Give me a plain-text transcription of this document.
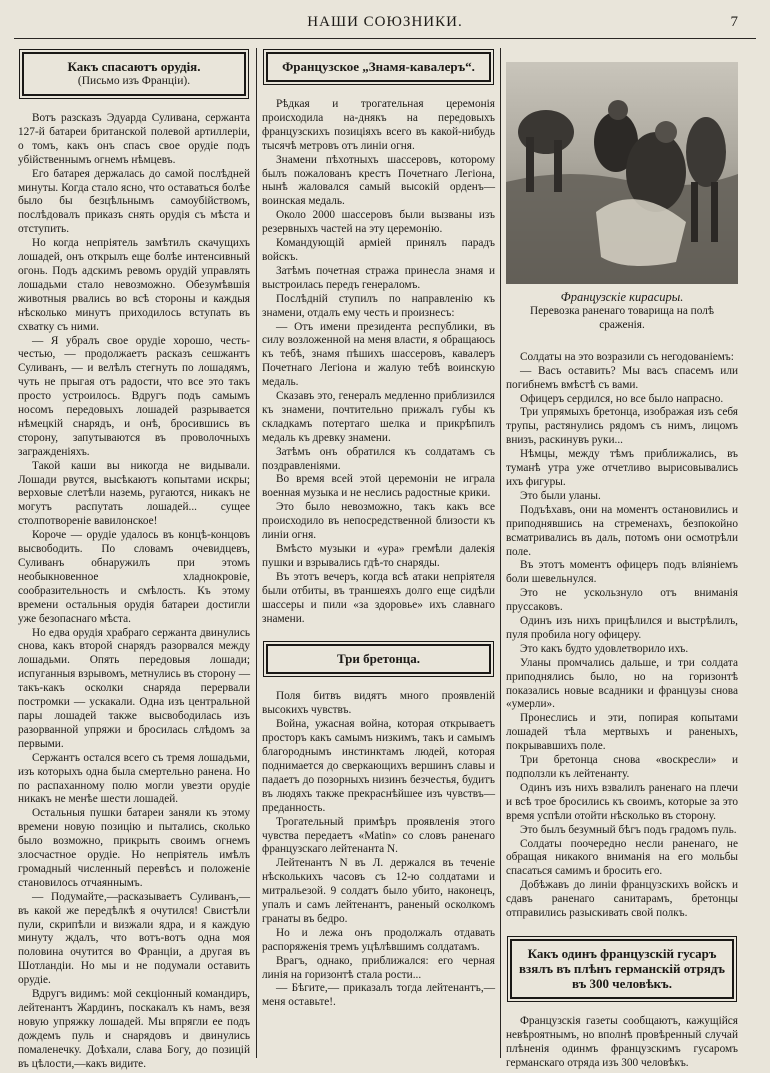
НАШИ СОЮЗНИКИ.	7
Какъ спасаютъ орудія.
(Письмо изъ Франціи).

Вотъ разсказъ Эдуарда Суливана, сержанта 127-й батареи британской полевой артиллеріи, о томъ, какъ онъ спасъ свое орудіе подъ убійственнымъ огнемъ нѣмцевъ.

Его батарея держалась до самой послѣдней минуты. Когда стало ясно, что оставаться болѣе было бы безцѣльнымъ самоубійствомъ, послѣдовалъ приказъ снять орудія съ мѣста и отступить.

Но когда непріятель замѣтилъ скачущихъ лошадей, онъ открылъ еще болѣе интенсивный огонь. Подъ адскимъ ревомъ орудій управлять лошадьми стало невозможно. Обезумѣвшія животныя рвались во всѣ стороны и каждыя нѣсколько минутъ приходилось вступать въ схватку съ ними.

— Я убралъ свое орудіе хорошо, честь-честью, — продолжаетъ расказъ сешжантъ Суливанъ, — и велѣлъ стегнуть по лошадямъ, чуть не прыгая отъ радости, что все это такъ просто устроилось. Вдругъ подъ самымъ носомъ передовыхъ лошадей разрывается нѣмецкій снарядъ, и онѣ, бросившись въ сторону, запутываются въ проволочныхъ загражденіяхъ.

Такой каши вы никогда не видывали. Лошади рвутся, высѣкаютъ копытами искры; верховые слетѣли наземь, ругаются, никакъ не могутъ распутать лошадей... сущее столпотвореніе вавилонское!

Короче — орудіе удалось въ концѣ-концовъ высвободить. По словамъ очевидцевъ, Суливанъ обнаружилъ при этомъ необыкновенное хладнокровіе, сообразительность и смѣлость. Къ этому времени остальныя орудія батареи достигли уже безопаснаго мѣста.

Но едва орудія храбраго сержанта двинулись снова, какъ второй снарядъ разорвался между лошадьми. Опять передовыя лошади; испуганныя взрывомъ, метнулись въ сторону — такъ-какъ осколки снаряда перервали постромки — ускакали. Одна изъ центральной пары лошадей также высвободилась изъ разорванной упряжи и бросилась слѣдомъ за первыми.

Сержантъ остался всего съ тремя лошадьми, изъ которыхъ одна была смертельно ранена. Но по распаханному полю могли увезти орудіе никакъ не менѣе шести лошадей.

Остальныя пушки батареи заняли къ этому времени новую позицію и пытались, сколько было возможно, прикрыть своимъ огнемъ злосчастное орудіе. Но непріятель имѣлъ громадный численный перевѣсъ и положеніе становилось отчаяннымъ.

— Подумайте,—расказываетъ Суливанъ,—въ какой же передѣлкѣ я очутился! Свистѣли пули, скрипѣли и визжали ядра, и я каждую минуту ждалъ, что вотъ-вотъ одна моя половина очутится во Франціи, а другая въ Шотландіи. Но мы и не подумали оставить орудіе.

Вдругъ видимъ: мой секціонный командиръ, лейтенантъ Жардинъ, поскакалъ къ намъ, везя новую упряжку лошадей. Мы впрягли ее подъ дождемъ пуль и снарядовъ и двинулись помаленечку. Доѣхали, слава Богу, до позицій въ цѣлости,—какъ видите.

Французское „Знамя-кавалеръ“.

Рѣдкая и трогательная церемонія происходила на-днякъ на передовыхъ французскихъ позиціяхъ всего въ какой-нибудь тысячѣ метровъ отъ линіи огня.

Знамени пѣхотныхъ шассеровъ, которому былъ пожалованъ крестъ Почетнаго Легіона, нынѣ жаловался самый высокій орденъ—воинская медаль.

Около 2000 шассеровъ были вызваны изъ резервныхъ частей на эту церемонію.

Командующій арміей принялъ парадъ войскъ.

Затѣмъ почетная стража принесла знамя и выстроилась передъ генераломъ.

Послѣдній ступилъ по направленію къ знамени, отдалъ ему честь и произнесъ:

— Отъ имени президента республики, въ силу возложенной на меня власти, я обращаюсь къ тебѣ, знамя пѣшихъ шассеровъ, кавалеръ Почетнаго Легіона и жалую тебѣ воинскую медаль.

Сказавъ это, генералъ медленно приблизился къ знамени, почтительно прижалъ губы къ складкамъ потертаго шелка и прикрѣпилъ медаль къ древку знамени.

Затѣмъ онъ обратился къ солдатамъ съ поздравленіями.

Во время всей этой церемоніи не играла военная музыка и не неслись радостные крики.

Это было невозможно, такъ какъ все происходило въ непосредственной близости къ линіи огня.

Вмѣсто музыки и «ура» гремѣли далекія пушки и взрывались гдѣ-то снаряды.

Въ этотъ вечеръ, когда всѣ атаки непріятеля были отбиты, въ траншеяхъ долго еще сидѣли шассеры и пили «за здоровье» ихъ славнаго знамени.

Три бретонца.

Поля битвъ видятъ много проявленій высокихъ чувствъ.

Война, ужасная война, которая открываетъ просторъ какъ самымъ низкимъ, такъ и самымъ благороднымъ инстинктамъ людей, которая поднимается до сверкающихъ вершинъ славы и падаетъ до позорныхъ низинъ безчестья, будитъ въ людяхъ также прекраснѣйшее изъ чувствъ—преданность.

Трогательный примѣръ проявленія этого чувства передаетъ «Matin» со словъ раненаго французскаго лейтенанта N.

Лейтенантъ N въ Л. держался въ теченіе нѣсколькихъ часовъ съ 12-ю солдатами и митральезой. 9 солдатъ было убито, наконецъ, упалъ и самъ лейтенантъ, раненый осколкомъ гранаты въ бедро.

Но и лежа онъ продолжалъ отдавать распоряженія тремъ уцѣлѣвшимъ солдатамъ.

Врагъ, однако, приближался: его черная линія на горизонтѣ стала рости...

— Бѣгите,— приказалъ тогда лейтенантъ,—меня оставьте!.

Французскіе кирасиры.
Перевозка раненаго товарища на полѣ сраженія.

Солдаты на это возразили съ негодованіемъ:

— Васъ оставить? Мы васъ спасемъ или погибнемъ вмѣстѣ съ вами.

Офицеръ сердился, но все было напрасно.

Три упрямыхъ бретонца, изображая изъ себя трупы, растянулись рядомъ съ нимъ, лицомъ внизъ, раскинувъ руки...

Нѣмцы, между тѣмъ приближались, въ туманѣ утра уже отчетливо вырисовывались ихъ фигуры.

Это были уланы.

Подъѣхавъ, они на моментъ остановились и приподнявшись на стременахъ, безпокойно всматривались въ даль, потомъ они осмотрѣли поле.

Въ этотъ моментъ офицеръ подъ вліяніемъ боли шевельнулся.

Это не ускользнуло отъ вниманія пруссаковъ.

Одинъ изъ нихъ прицѣлился и выстрѣлилъ, пуля пробила ногу офицеру.

Это какъ будто удовлетворило ихъ.

Уланы промчались дальше, и три солдата приподнялись было, но на горизонтѣ показались новые всадники и французы снова «умерли».

Пронеслись и эти, попирая копытами лошадей тѣла мертвыхъ и раненыхъ, покрывавшихъ поле.

Три бретонца снова «воскресли» и подползли къ лейтенанту.

Одинъ изъ нихъ взвалилъ раненаго на плечи и всѣ трое бросились къ своимъ, которые за это время успѣли отойти нѣсколько въ сторону.

Это былъ безумный бѣгъ подъ градомъ пуль.

Солдаты поочередно несли раненаго, не обращая никакого вниманія на его мольбы спасаться самимъ и бросить его.

Добѣжавъ до линіи французскихъ войскъ и сдавъ раненаго санитарамъ, бретонцы отправились разыскивать свой полкъ.

Какъ одинъ французскій гусаръ взялъ въ плѣнъ германскій отрядъ въ 300 человѣкъ.

Французскія газеты сообщаютъ, кажущійся невѣроятнымъ, но вполнѣ провѣренный случай плѣненія одинмъ французскимъ гусаромъ германскаго отряда изъ 300 человѣкъ.
